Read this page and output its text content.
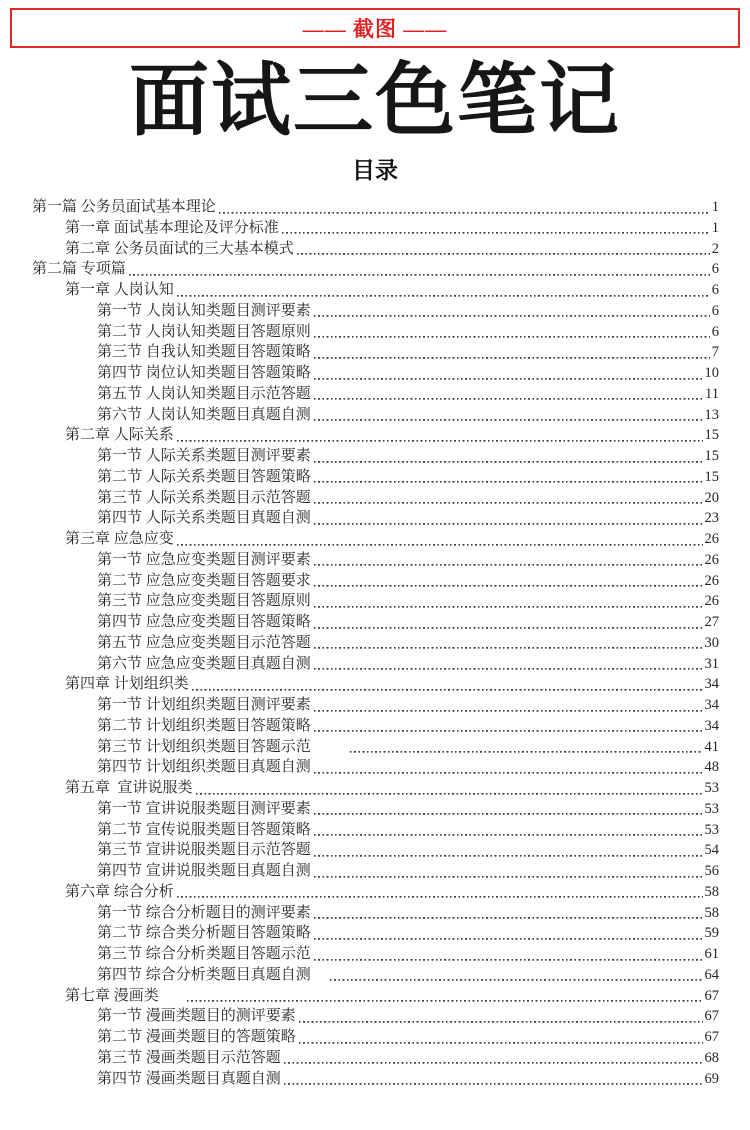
—— 截图 ——
面试三色笔记
目录
第一篇 公务员面试基本理论	1
第一章 面试基本理论及评分标准	1
第二章 公务员面试的三大基本模式	2
第二篇 专项篇	6
第一章 人岗认知	6
第一节 人岗认知类题目测评要素	6
第二节 人岗认知类题目答题原则	6
第三节 自我认知类题目答题策略	7
第四节 岗位认知类题目答题策略	10
第五节 人岗认知类题目示范答题	11
第六节 人岗认知类题目真题自测	13
第二章 人际关系	15
第一节 人际关系类题目测评要素	15
第二节 人际关系类题目答题策略	15
第三节 人际关系类题目示范答题	20
第四节 人际关系类题目真题自测	23
第三章 应急应变	26
第一节 应急应变类题目测评要素	26
第二节 应急应变类题目答题要求	26
第三节 应急应变类题目答题原则	26
第四节 应急应变类题目答题策略	27
第五节 应急应变类题目示范答题	30
第六节 应急应变类题目真题自测	31
第四章 计划组织类	34
第一节 计划组织类题目测评要素	34
第二节 计划组织类题目答题策略	34
第三节 计划组织类题目答题示范	41
第四节 计划组织类题目真题自测	48
第五章  宣讲说服类	53
第一节 宣讲说服类题目测评要素	53
第二节 宣传说服类题目答题策略	53
第三节 宣讲说服类题目示范答题	54
第四节 宣讲说服类题目真题自测	56
第六章 综合分析	58
第一节 综合分析题目的测评要素	58
第二节 综合类分析题目答题策略	59
第三节 综合分析类题目答题示范	61
第四节 综合分析类题目真题自测	64
第七章 漫画类	67
第一节 漫画类题目的测评要素	67
第二节 漫画类题目的答题策略	67
第三节 漫画类题目示范答题	68
第四节 漫画类题目真题自测	69
